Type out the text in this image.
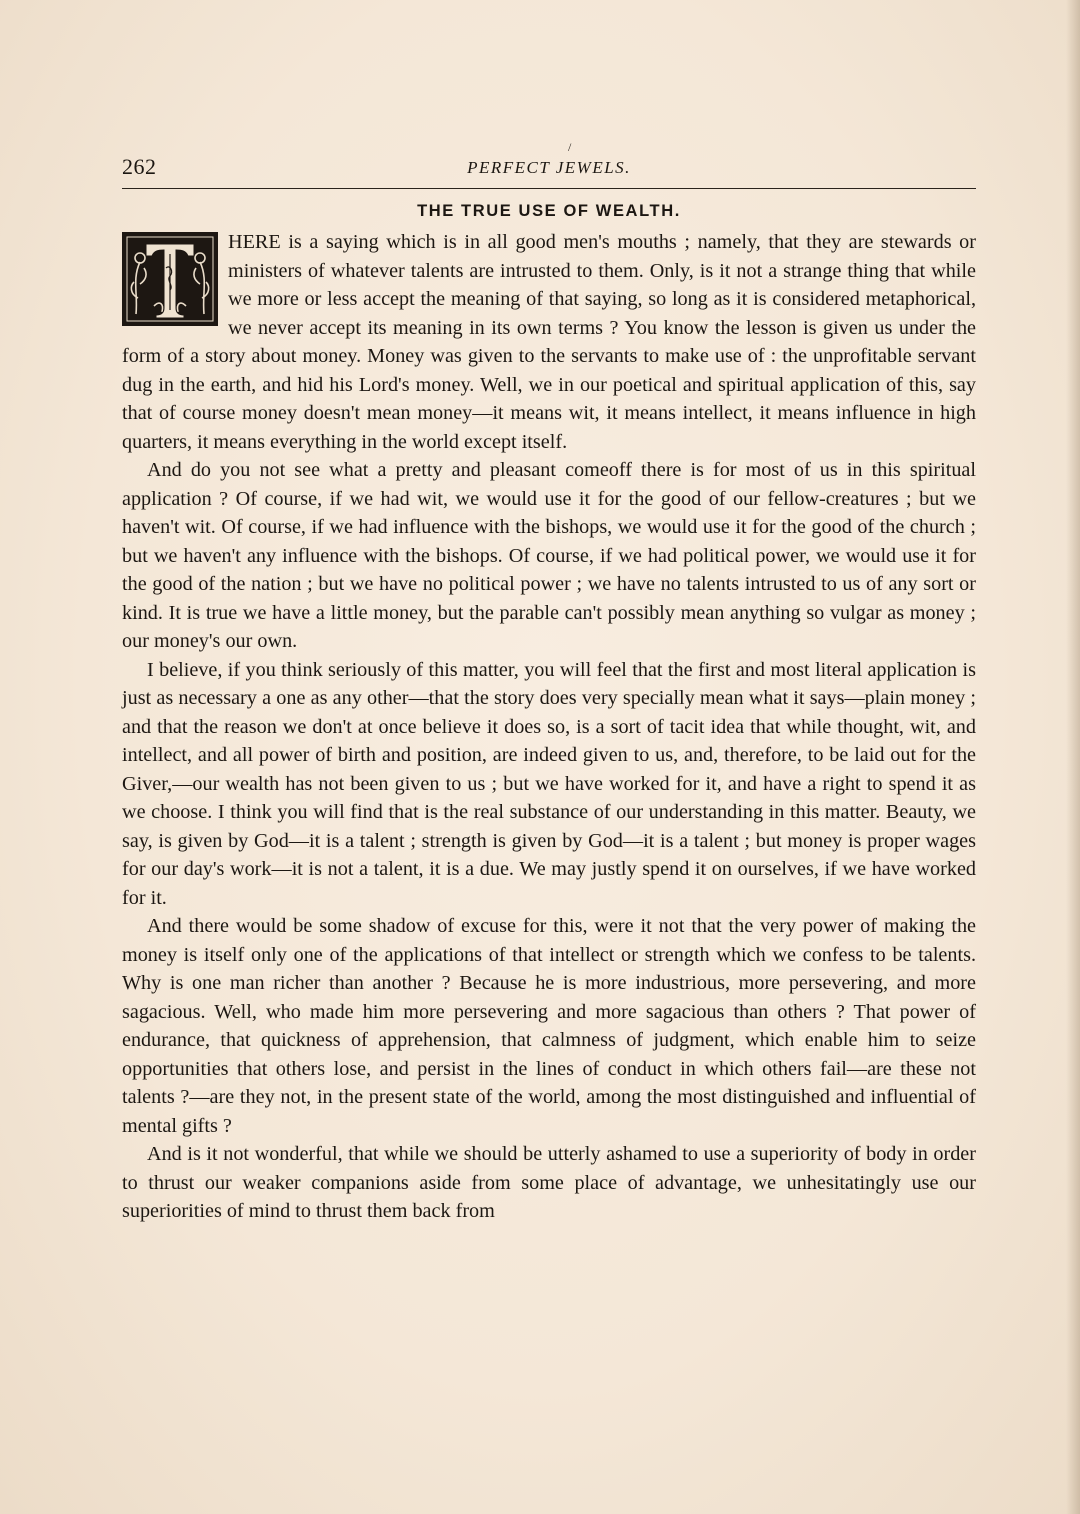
/
262	PERFECT JEWELS.
THE TRUE USE OF WEALTH.

HERE is a saying which is in all good men's mouths ; namely, that they are stewards or ministers of whatever talents are intrusted to them. Only, is it not a strange thing that while we more or less accept the meaning of that saying, so long as it is considered metaphorical, we never accept its meaning in its own terms ? You know the lesson is given us under the form of a story about money. Money was given to the servants to make use of : the unprofitable servant dug in the earth, and hid his Lord's money. Well, we in our poetical and spiritual application of this, say that of course money doesn't mean money—it means wit, it means intellect, it means influence in high quarters, it means everything in the world except itself.

And do you not see what a pretty and pleasant comeoff there is for most of us in this spiritual application ? Of course, if we had wit, we would use it for the good of our fellow-creatures ; but we haven't wit. Of course, if we had influence with the bishops, we would use it for the good of the church ; but we haven't any influence with the bishops. Of course, if we had political power, we would use it for the good of the nation ; but we have no political power ; we have no talents intrusted to us of any sort or kind. It is true we have a little money, but the parable can't possibly mean anything so vulgar as money ; our money's our own.

I believe, if you think seriously of this matter, you will feel that the first and most literal application is just as necessary a one as any other—that the story does very specially mean what it says—plain money ; and that the reason we don't at once believe it does so, is a sort of tacit idea that while thought, wit, and intellect, and all power of birth and position, are indeed given to us, and, therefore, to be laid out for the Giver,—our wealth has not been given to us ; but we have worked for it, and have a right to spend it as we choose. I think you will find that is the real substance of our understanding in this matter. Beauty, we say, is given by God—it is a talent ; strength is given by God—it is a talent ; but money is proper wages for our day's work—it is not a talent, it is a due. We may justly spend it on ourselves, if we have worked for it.

And there would be some shadow of excuse for this, were it not that the very power of making the money is itself only one of the applications of that intellect or strength which we confess to be talents. Why is one man richer than another ? Because he is more industrious, more persevering, and more sagacious. Well, who made him more persevering and more sagacious than others ? That power of endurance, that quickness of apprehension, that calmness of judgment, which enable him to seize opportunities that others lose, and persist in the lines of conduct in which others fail—are these not talents ?—are they not, in the present state of the world, among the most distinguished and influential of mental gifts ?

And is it not wonderful, that while we should be utterly ashamed to use a superiority of body in order to thrust our weaker companions aside from some place of advantage, we unhesitatingly use our superiorities of mind to thrust them back from
